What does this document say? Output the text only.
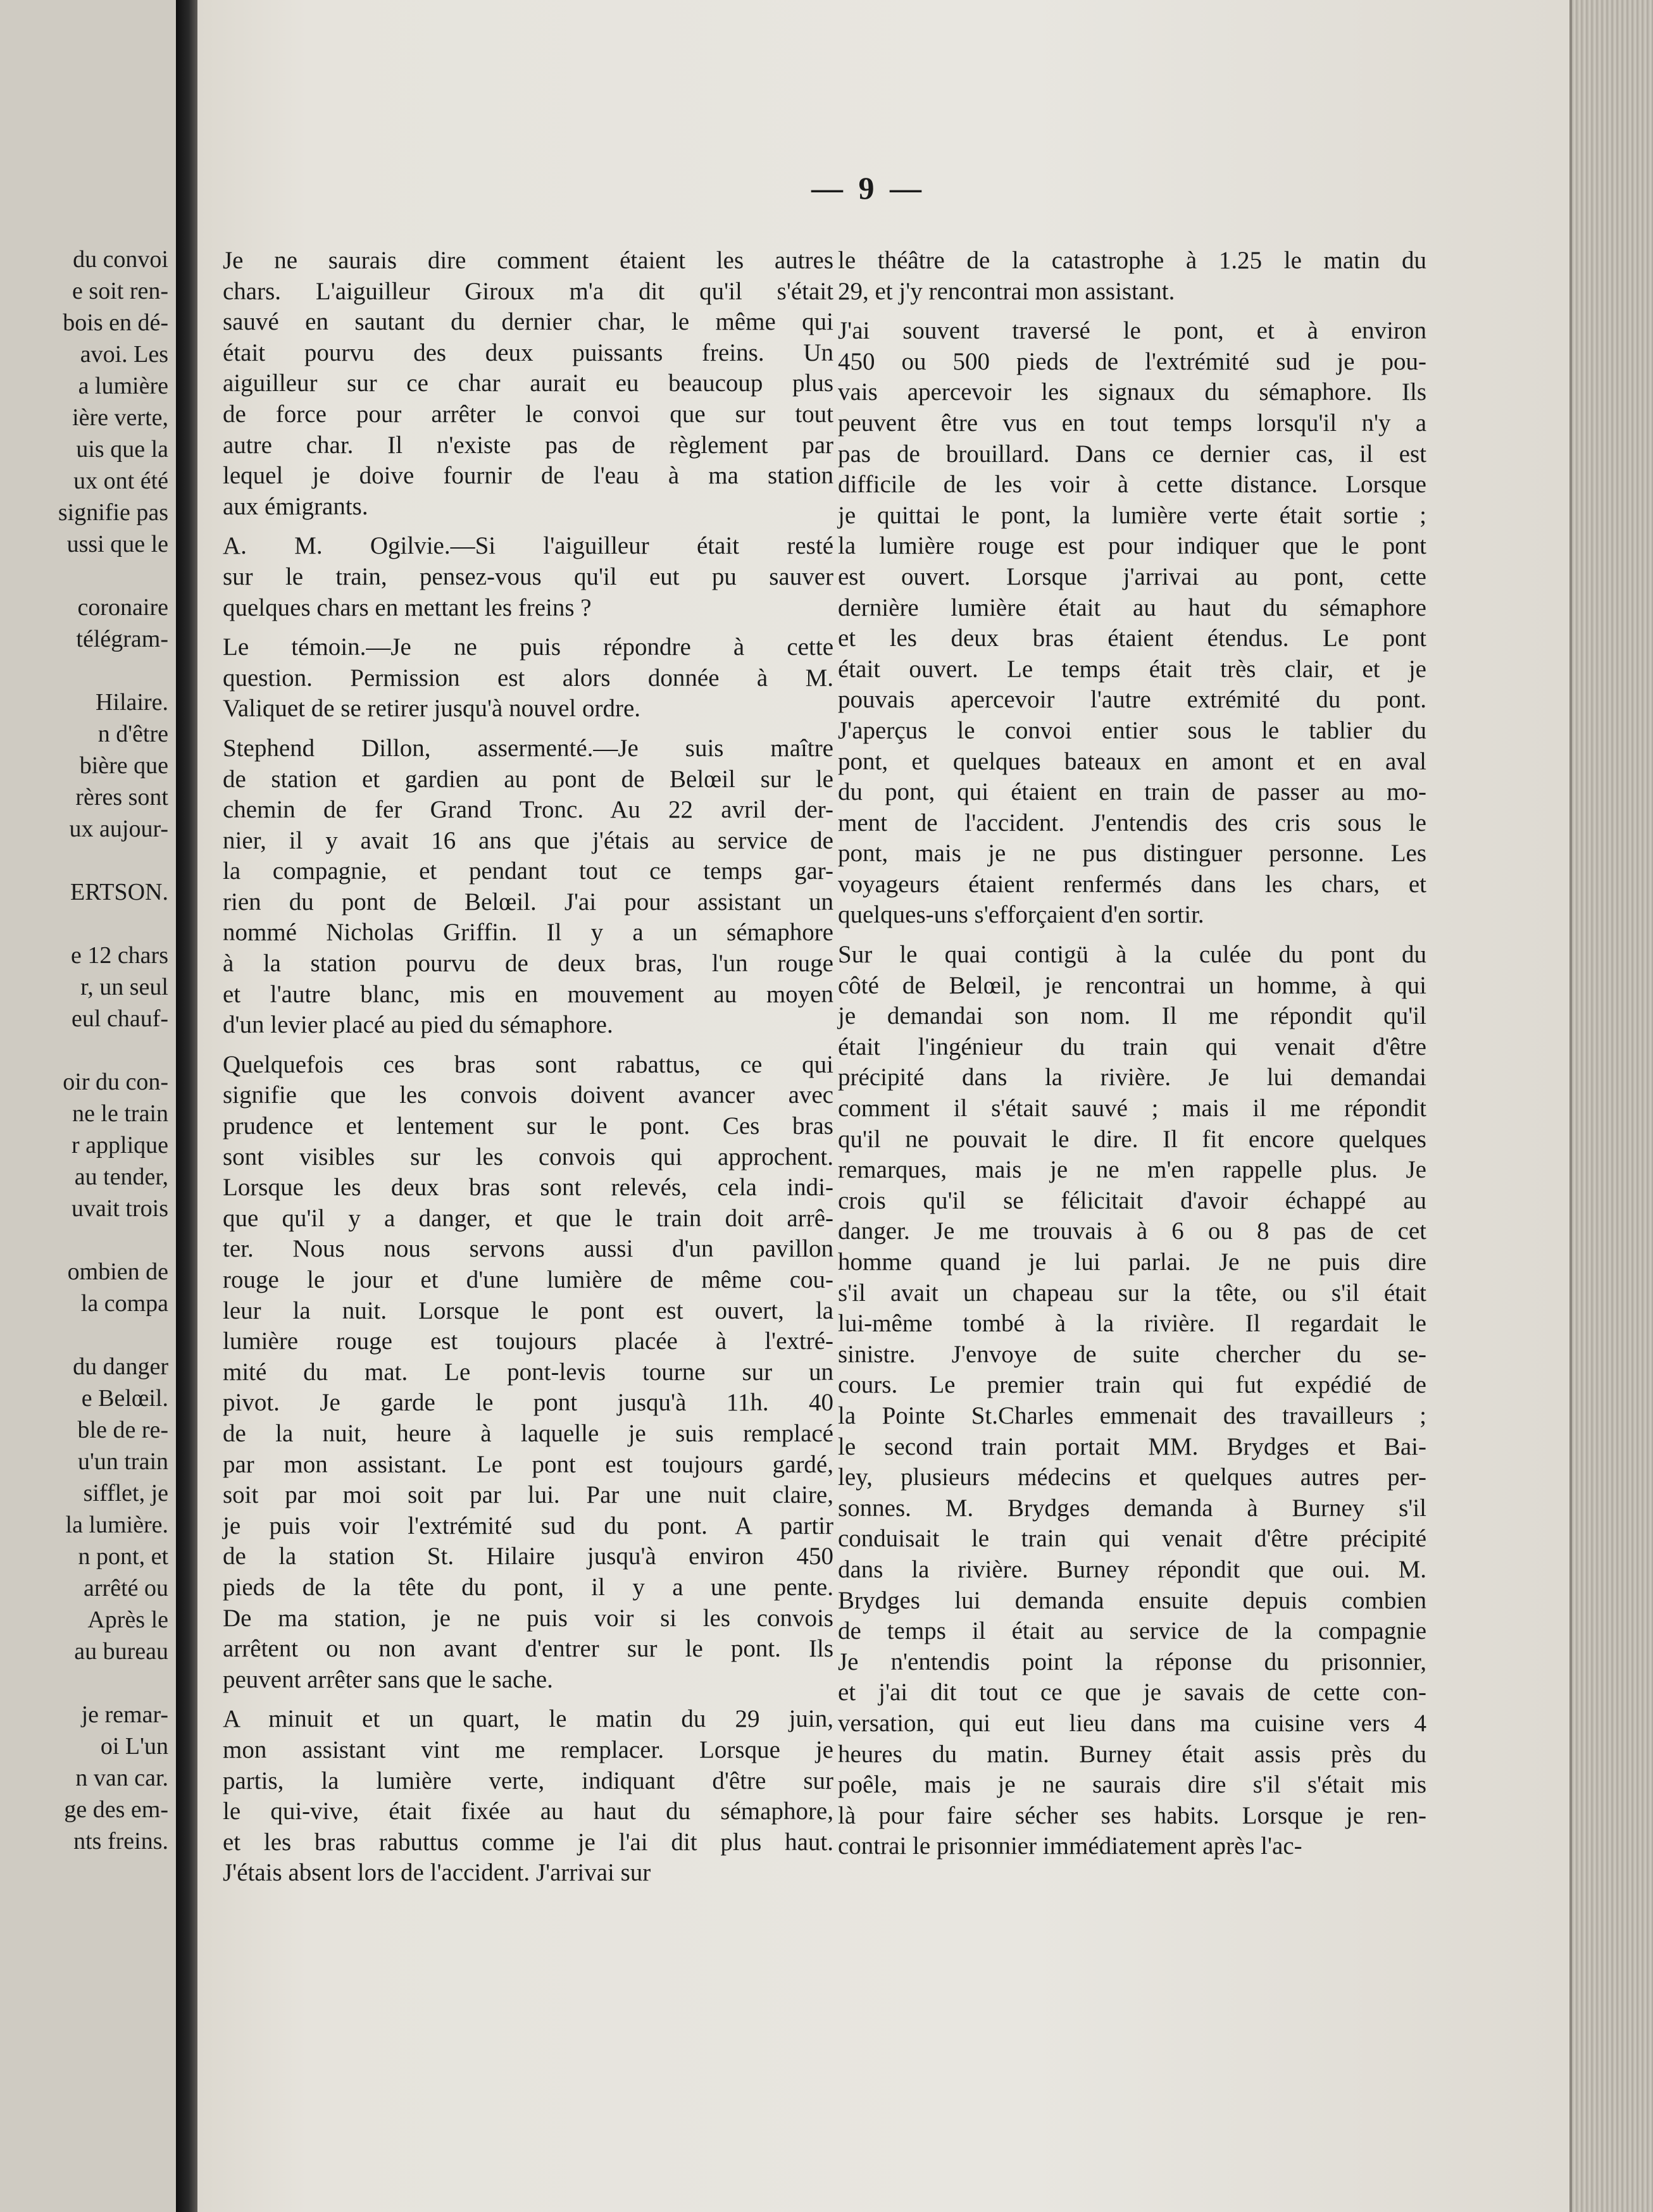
du convoi
e soit ren-
bois en dé-
avoi. Les
a lumière
ière verte,
uis que la
ux ont été
signifie pas
ussi que le

coronaire
télégram-

Hilaire.
n d'être
bière que
rères sont
ux aujour-

ERTSON.

e 12 chars
r, un seul
eul chauf-

oir du con-
ne le train
r applique
au tender,
uvait trois

ombien de
la compa

du danger
e Belœil.
ble de re-
u'un train
sifflet, je
la lumière.
n pont, et
arrêté ou
Après le
au bureau

je remar-
oi L'un
n van car.
ge des em-
nts freins.
— 9 —

Je ne saurais dire comment étaient les autres
chars. L'aiguilleur Giroux m'a dit qu'il s'était
sauvé en sautant du dernier char, le même qui
était pourvu des deux puissants freins. Un
aiguilleur sur ce char aurait eu beaucoup plus
de force pour arrêter le convoi que sur tout
autre char. Il n'existe pas de règlement par
lequel je doive fournir de l'eau à ma station
aux émigrants.

A. M. Ogilvie.—Si l'aiguilleur était resté
sur le train, pensez-vous qu'il eut pu sauver
quelques chars en mettant les freins ?

Le témoin.—Je ne puis répondre à cette
question. Permission est alors donnée à M.
Valiquet de se retirer jusqu'à nouvel ordre.

Stephend Dillon, assermenté.—Je suis maître
de station et gardien au pont de Belœil sur le
chemin de fer Grand Tronc. Au 22 avril der-
nier, il y avait 16 ans que j'étais au service de
la compagnie, et pendant tout ce temps gar-
rien du pont de Belœil. J'ai pour assistant un
nommé Nicholas Griffin. Il y a un sémaphore
à la station pourvu de deux bras, l'un rouge
et l'autre blanc, mis en mouvement au moyen
d'un levier placé au pied du sémaphore.

Quelquefois ces bras sont rabattus, ce qui
signifie que les convois doivent avancer avec
prudence et lentement sur le pont. Ces bras
sont visibles sur les convois qui approchent.
Lorsque les deux bras sont relevés, cela indi-
que qu'il y a danger, et que le train doit arrê-
ter. Nous nous servons aussi d'un pavillon
rouge le jour et d'une lumière de même cou-
leur la nuit. Lorsque le pont est ouvert, la
lumière rouge est toujours placée à l'extré-
mité du mat. Le pont-levis tourne sur un
pivot. Je garde le pont jusqu'à 11h. 40
de la nuit, heure à laquelle je suis remplacé
par mon assistant. Le pont est toujours gardé,
soit par moi soit par lui. Par une nuit claire,
je puis voir l'extrémité sud du pont. A partir
de la station St. Hilaire jusqu'à environ 450
pieds de la tête du pont, il y a une pente.
De ma station, je ne puis voir si les convois
arrêtent ou non avant d'entrer sur le pont. Ils
peuvent arrêter sans que le sache.

A minuit et un quart, le matin du 29 juin,
mon assistant vint me remplacer. Lorsque je
partis, la lumière verte, indiquant d'être sur
le qui-vive, était fixée au haut du sémaphore,
et les bras rabuttus comme je l'ai dit plus haut.
J'étais absent lors de l'accident. J'arrivai sur

le théâtre de la catastrophe à 1.25 le matin du
29, et j'y rencontrai mon assistant.

J'ai souvent traversé le pont, et à environ
450 ou 500 pieds de l'extrémité sud je pou-
vais apercevoir les signaux du sémaphore. Ils
peuvent être vus en tout temps lorsqu'il n'y a
pas de brouillard. Dans ce dernier cas, il est
difficile de les voir à cette distance. Lorsque
je quittai le pont, la lumière verte était sortie ;
la lumière rouge est pour indiquer que le pont
est ouvert. Lorsque j'arrivai au pont, cette
dernière lumière était au haut du sémaphore
et les deux bras étaient étendus. Le pont
était ouvert. Le temps était très clair, et je
pouvais apercevoir l'autre extrémité du pont.
J'aperçus le convoi entier sous le tablier du
pont, et quelques bateaux en amont et en aval
du pont, qui étaient en train de passer au mo-
ment de l'accident. J'entendis des cris sous le
pont, mais je ne pus distinguer personne. Les
voyageurs étaient renfermés dans les chars, et
quelques-uns s'efforçaient d'en sortir.

Sur le quai contigü à la culée du pont du
côté de Belœil, je rencontrai un homme, à qui
je demandai son nom. Il me répondit qu'il
était l'ingénieur du train qui venait d'être
précipité dans la rivière. Je lui demandai
comment il s'était sauvé ; mais il me répondit
qu'il ne pouvait le dire. Il fit encore quelques
remarques, mais je ne m'en rappelle plus. Je
crois qu'il se félicitait d'avoir échappé au
danger. Je me trouvais à 6 ou 8 pas de cet
homme quand je lui parlai. Je ne puis dire
s'il avait un chapeau sur la tête, ou s'il était
lui-même tombé à la rivière. Il regardait le
sinistre. J'envoye de suite chercher du se-
cours. Le premier train qui fut expédié de
la Pointe St.Charles emmenait des travailleurs ;
le second train portait MM. Brydges et Bai-
ley, plusieurs médecins et quelques autres per-
sonnes. M. Brydges demanda à Burney s'il
conduisait le train qui venait d'être précipité
dans la rivière. Burney répondit que oui. M.
Brydges lui demanda ensuite depuis combien
de temps il était au service de la compagnie
Je n'entendis point la réponse du prisonnier,
et j'ai dit tout ce que je savais de cette con-
versation, qui eut lieu dans ma cuisine vers 4
heures du matin. Burney était assis près du
poêle, mais je ne saurais dire s'il s'était mis
là pour faire sécher ses habits. Lorsque je ren-
contrai le prisonnier immédiatement après l'ac-
